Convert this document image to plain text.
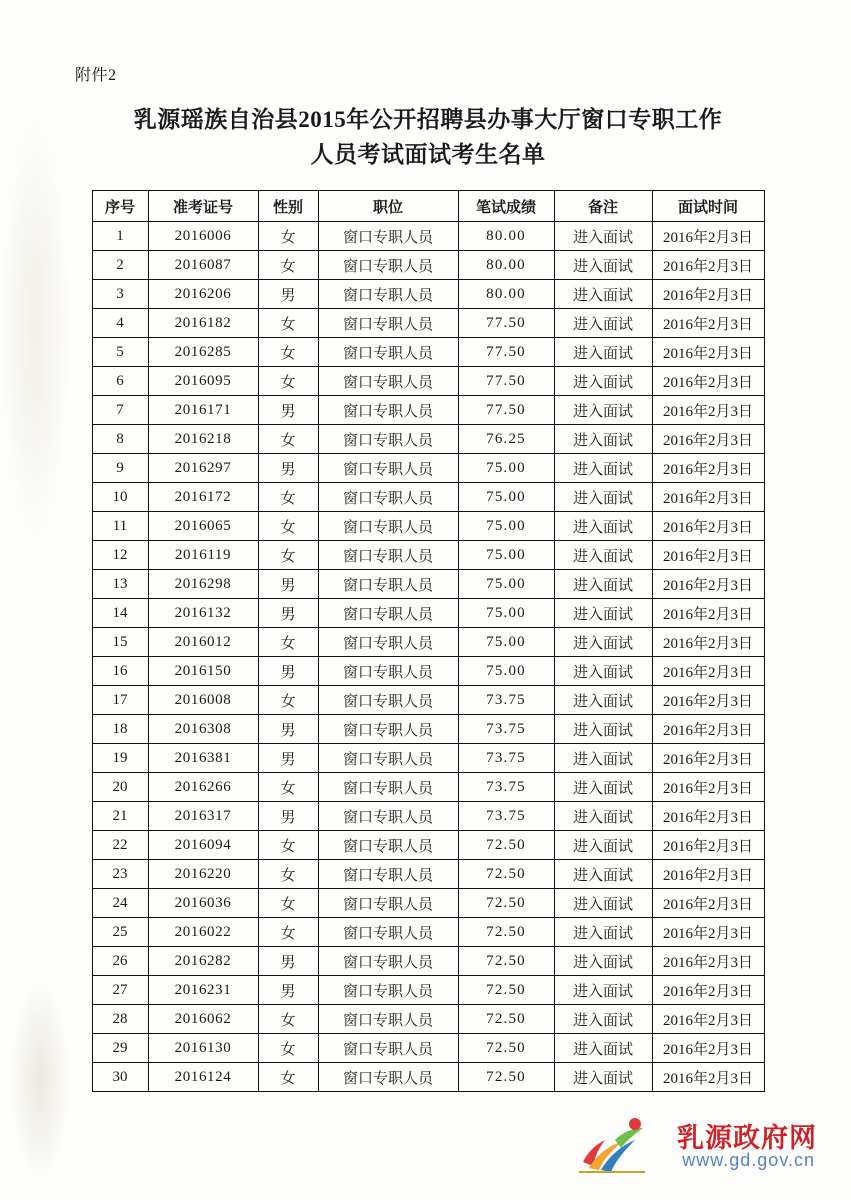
附件2
乳源瑶族自治县2015年公开招聘县办事大厅窗口专职工作
人员考试面试考生名单
序号	准考证号	性别	职位	笔试成绩	备注	面试时间
1	2016006	女	窗口专职人员	80.00	进入面试	2016年2月3日
2	2016087	女	窗口专职人员	80.00	进入面试	2016年2月3日
3	2016206	男	窗口专职人员	80.00	进入面试	2016年2月3日
4	2016182	女	窗口专职人员	77.50	进入面试	2016年2月3日
5	2016285	女	窗口专职人员	77.50	进入面试	2016年2月3日
6	2016095	女	窗口专职人员	77.50	进入面试	2016年2月3日
7	2016171	男	窗口专职人员	77.50	进入面试	2016年2月3日
8	2016218	女	窗口专职人员	76.25	进入面试	2016年2月3日
9	2016297	男	窗口专职人员	75.00	进入面试	2016年2月3日
10	2016172	女	窗口专职人员	75.00	进入面试	2016年2月3日
11	2016065	女	窗口专职人员	75.00	进入面试	2016年2月3日
12	2016119	女	窗口专职人员	75.00	进入面试	2016年2月3日
13	2016298	男	窗口专职人员	75.00	进入面试	2016年2月3日
14	2016132	男	窗口专职人员	75.00	进入面试	2016年2月3日
15	2016012	女	窗口专职人员	75.00	进入面试	2016年2月3日
16	2016150	男	窗口专职人员	75.00	进入面试	2016年2月3日
17	2016008	女	窗口专职人员	73.75	进入面试	2016年2月3日
18	2016308	男	窗口专职人员	73.75	进入面试	2016年2月3日
19	2016381	男	窗口专职人员	73.75	进入面试	2016年2月3日
20	2016266	女	窗口专职人员	73.75	进入面试	2016年2月3日
21	2016317	男	窗口专职人员	73.75	进入面试	2016年2月3日
22	2016094	女	窗口专职人员	72.50	进入面试	2016年2月3日
23	2016220	女	窗口专职人员	72.50	进入面试	2016年2月3日
24	2016036	女	窗口专职人员	72.50	进入面试	2016年2月3日
25	2016022	女	窗口专职人员	72.50	进入面试	2016年2月3日
26	2016282	男	窗口专职人员	72.50	进入面试	2016年2月3日
27	2016231	男	窗口专职人员	72.50	进入面试	2016年2月3日
28	2016062	女	窗口专职人员	72.50	进入面试	2016年2月3日
29	2016130	女	窗口专职人员	72.50	进入面试	2016年2月3日
30	2016124	女	窗口专职人员	72.50	进入面试	2016年2月3日
乳源政府网
www.gd.gov.cn
